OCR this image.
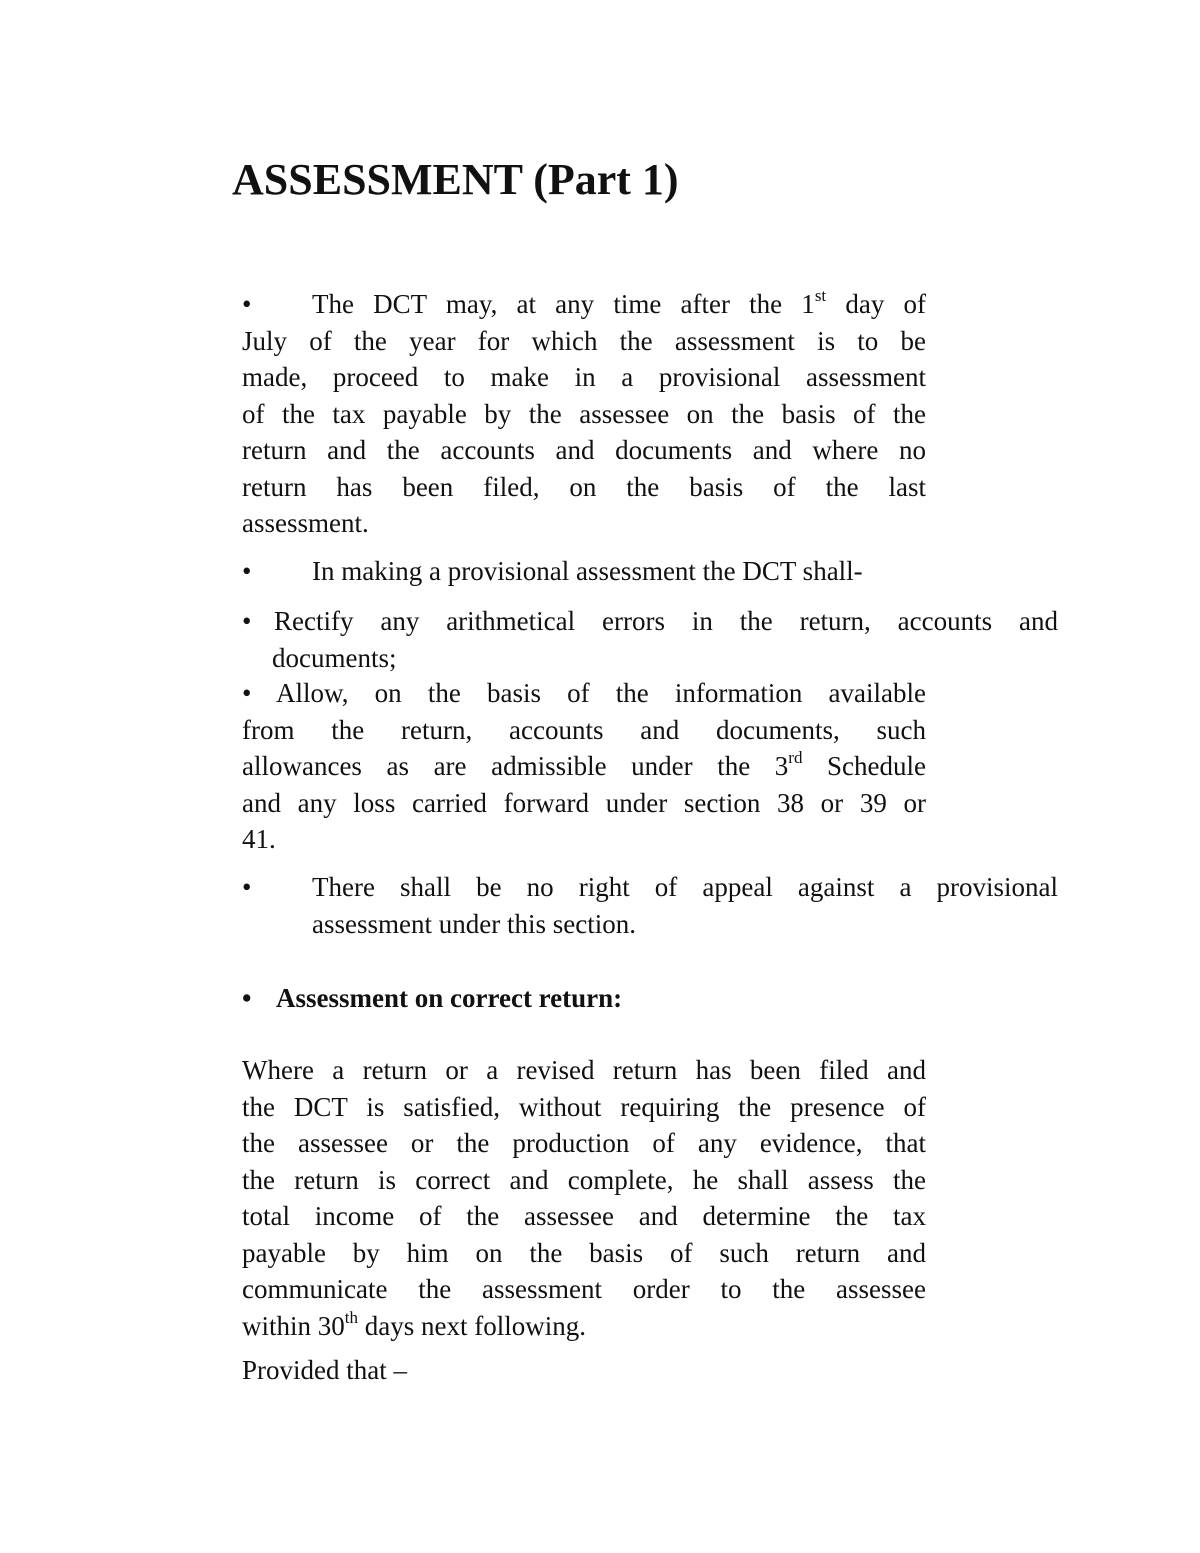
ASSESSMENT (Part 1)
• The DCT may, at any time after the 1st day of
July of the year for which the assessment is to be
made, proceed to make in a provisional assessment
of the tax payable by the assessee on the basis of the
return and the accounts and documents and where no
return has been filed, on the basis of the last
assessment.
• In making a provisional assessment the DCT shall-
• Rectify any arithmetical errors in the return, accounts and
documents;
• Allow, on the basis of the information available
from the return, accounts and documents, such
allowances as are admissible under the 3rd Schedule
and any loss carried forward under section 38 or 39 or
41.
• There shall be no right of appeal against a provisional
assessment under this section.
• Assessment on correct return:
Where a return or a revised return has been filed and
the DCT is satisfied, without requiring the presence of
the assessee or the production of any evidence, that
the return is correct and complete, he shall assess the
total income of the assessee and determine the tax
payable by him on the basis of such return and
communicate the assessment order to the assessee
within 30th days next following.
Provided that –
